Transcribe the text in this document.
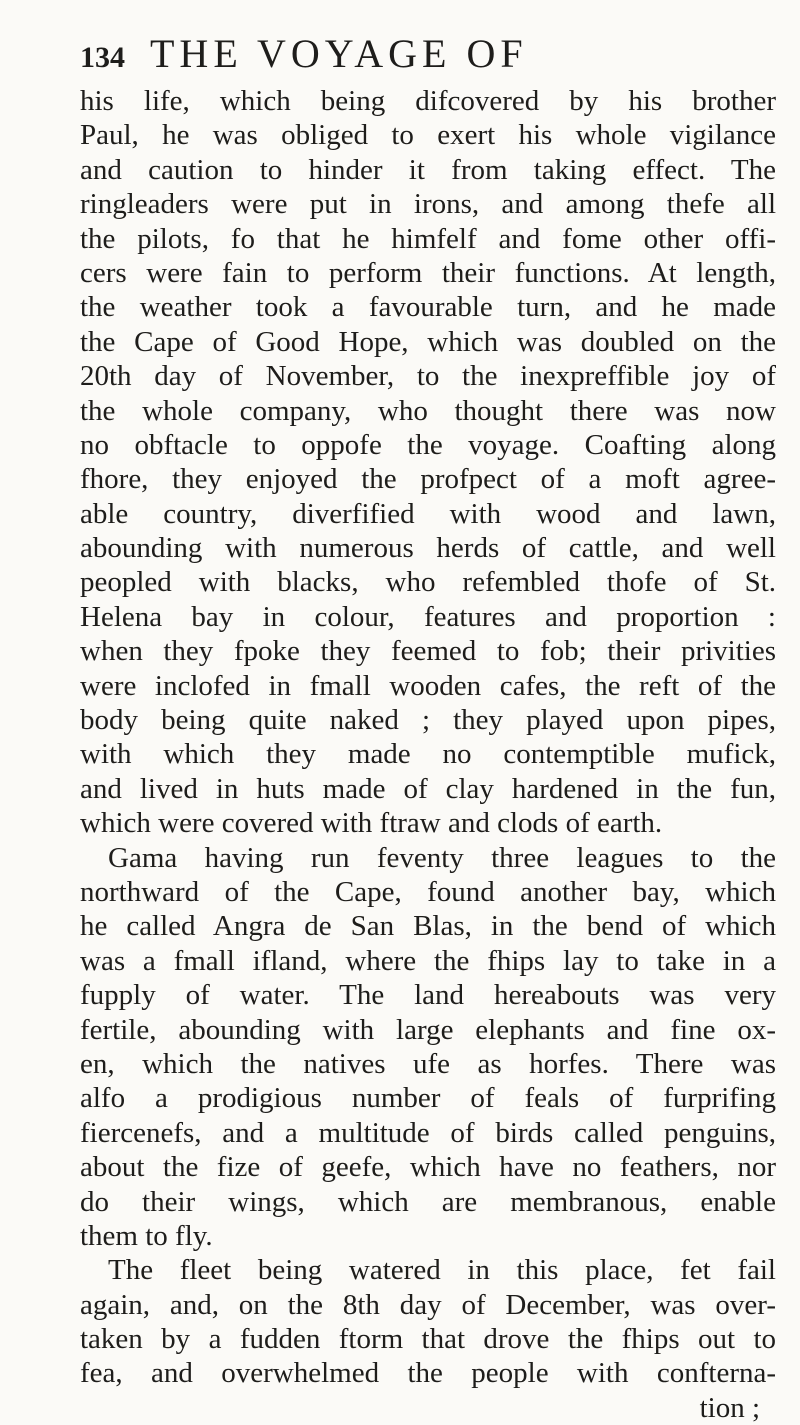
134 THE VOYAGE OF
his life, which being difcovered by his brother
Paul, he was obliged to exert his whole vigilance
and caution to hinder it from taking effect. The
ringleaders were put in irons, and among thefe all
the pilots, fo that he himfelf and fome other offi-
cers were fain to perform their functions. At length,
the weather took a favourable turn, and he made
the Cape of Good Hope, which was doubled on the
20th day of November, to the inexpreffible joy of
the whole company, who thought there was now
no obftacle to oppofe the voyage. Coafting along
fhore, they enjoyed the profpect of a moft agree-
able country, diverfified with wood and lawn,
abounding with numerous herds of cattle, and well
peopled with blacks, who refembled thofe of St.
Helena bay in colour, features and proportion :
when they fpoke they feemed to fob; their privities
were inclofed in fmall wooden cafes, the reft of the
body being quite naked ; they played upon pipes,
with which they made no contemptible mufick,
and lived in huts made of clay hardened in the fun,
which were covered with ftraw and clods of earth.
Gama having run feventy three leagues to the
northward of the Cape, found another bay, which
he called Angra de San Blas, in the bend of which
was a fmall ifland, where the fhips lay to take in a
fupply of water. The land hereabouts was very
fertile, abounding with large elephants and fine ox-
en, which the natives ufe as horfes. There was
alfo a prodigious number of feals of furprifing
fiercenefs, and a multitude of birds called penguins,
about the fize of geefe, which have no feathers, nor
do their wings, which are membranous, enable
them to fly.
The fleet being watered in this place, fet fail
again, and, on the 8th day of December, was over-
taken by a fudden ftorm that drove the fhips out to
fea, and overwhelmed the people with confterna-
tion ;
